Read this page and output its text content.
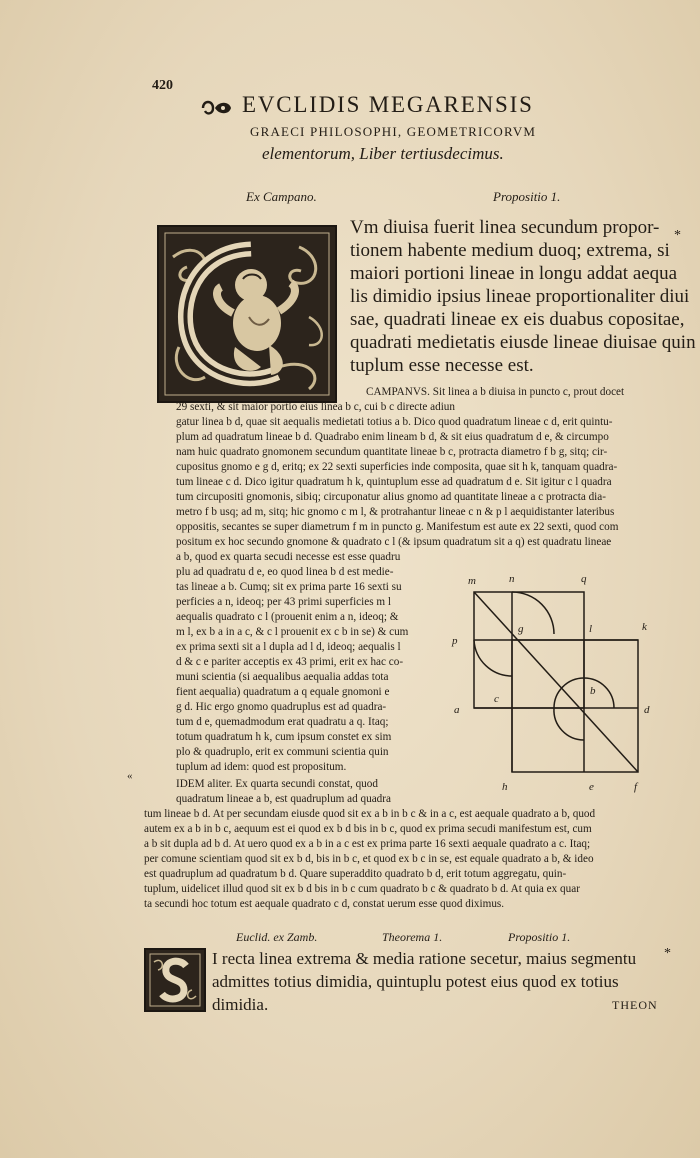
420
EVCLIDIS MEGARENSIS
GRAECI PHILOSOPHI, GEOMETRICORVM
elementorum, Liber tertiusdecimus.
Ex Campano.	Propositio 1.
Vm diuisa fuerit linea secundum propor-
tionem habente medium duoq; extrema, si
maiori portioni lineae in longu addat aequa
lis dimidio ipsius lineae proportionaliter diui
sae, quadrati lineae ex eis duabus copositae,
quadrati medietatis eiusde lineae diuisae quin
tuplum esse necesse est.
*
CAMPANVS. Sit linea a b diuisa in puncto c, prout docet
29 sexti, & sit maior portio eius linea b c, cui b c directe adiun
gatur linea b d, quae sit aequalis medietati totius a b. Dico quod quadratum lineae c d, erit quintu-
plum ad quadratum lineae b d. Quadrabo enim lineam b d, & sit eius quadratum d e, & circumpo
nam huic quadrato gnomonem secundum quantitate lineae b c, protracta diametro f b g, sitq; cir-
cupositus gnomo e g d, eritq; ex 22 sexti superficies inde composita, quae sit h k, tanquam quadra-
tum lineae c d. Dico igitur quadratum h k, quintuplum esse ad quadratum d e. Sit igitur c l quadra
tum circupositi gnomonis, sibiq; circuponatur alius gnomo ad quantitate lineae a c protracta dia-
metro f b usq; ad m, sitq; hic gnomo c m l, & protrahantur lineae c n & p l aequidistanter lateribus
oppositis, secantes se super diametrum f m in puncto g. Manifestum est aute ex 22 sexti, quod com
positum ex hoc secundo gnomone & quadrato c l (& ipsum quadratum sit a q) est quadratu lineae
a b, quod ex quarta secudi necesse est esse quadru
plu ad quadratu d e, eo quod linea b d est medie-
tas lineae a b. Cumq; sit ex prima parte 16 sexti su
perficies a n, ideoq; per 43 primi superficies m l
aequalis quadrato c l (prouenit enim a n, ideoq; &
m l, ex b a in a c, & c l prouenit ex c b in se) & cum
ex prima sexti sit a l dupla ad l d, ideoq; aequalis l
d & c e pariter acceptis ex 43 primi, erit ex hac co-
muni scientia (si aequalibus aequalia addas tota
fient aequalia) quadratum a q equale gnomoni e
g d. Hic ergo gnomo quadruplus est ad quadra-
tum d e, quemadmodum erat quadratu a q. Itaq;
totum quadratum h k, cum ipsum constet ex sim
plo & quadruplo, erit ex communi scientia quin
tuplum ad idem: quod est propositum.
IDEM aliter. Ex quarta secundi constat, quod
quadratum lineae a b, est quadruplum ad quadra
«
m	n	q
p
l	k
g
c
b
a	d
h	e	f
tum lineae b d. At per secundam eiusde quod sit ex a b in b c & in a c, est aequale quadrato a b, quod
autem ex a b in b c, aequum est ei quod ex b d bis in b c, quod ex prima secudi manifestum est, cum
a b sit dupla ad b d. At uero quod ex a b in a c est ex prima parte 16 sexti aequale quadrato a c. Itaq;
per comune scientiam quod sit ex b d, bis in b c, et quod ex b c in se, est equale quadrato a b, & ideo
est quadruplum ad quadratum b d. Quare superaddito quadrato b d, erit totum aggregatu, quin-
tuplum, uidelicet illud quod sit ex b d bis in b c cum quadrato b c & quadrato b d. At quia ex quar
ta secundi hoc totum est aequale quadrato c d, constat uerum esse quod diximus.
Euclid. ex Zamb.	Theorema 1.	Propositio 1.
I recta linea extrema & media ratione secetur, maius segmentu
admittes totius dimidia, quintuplu potest eius quod ex totius
dimidia.	THEON
*
